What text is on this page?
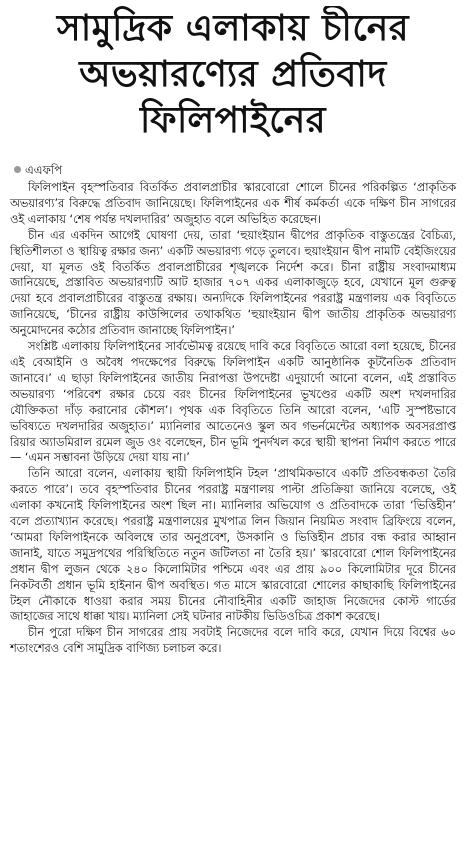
সামুদ্রিক এলাকায় চীনের
অভয়ারণ্যের প্রতিবাদ
ফিলিপাইনের
এএফপি

ফিলিপাইন বৃহস্পতিবার বিতর্কিত প্রবালপ্রাচীর স্কারবোরো শোলে চীনের পরিকল্পিত ‘প্রাকৃতিক অভয়ারণ্য’র বিরুদ্ধে প্রতিবাদ জানিয়েছে। ফিলিপাইনের এক শীর্ষ কর্মকর্তা একে দক্ষিণ চীন সাগরের ওই এলাকায় ‘শেষ পর্যন্ত দখলদারির’ অজুহাত বলে অভিহিত করেছেন।

চীন এর একদিন আগেই ঘোষণা দেয়, তারা ‘হুয়াংইয়ান দ্বীপের প্রাকৃতিক বাস্তুতন্ত্রের বৈচিত্র্য, স্থিতিশীলতা ও স্থায়িত্ব রক্ষার জন্য’ একটি অভয়ারণ্য গড়ে তুলবে। হুয়াংইয়ান দ্বীপ নামটি বেইজিংয়ের দেয়া, যা মূলত ওই বিতর্কিত প্রবালপ্রাচীরের শৃঙ্খলকে নির্দেশ করে। চীনা রাষ্ট্রীয় সংবাদমাধ্যম জানিয়েছে, প্রস্তাবিত অভয়ারণ্যটি আট হাজার ৭০৭ একর এলাকাজুড়ে হবে, যেখানে মূল গুরুত্ব দেয়া হবে প্রবালপ্রাচীরের বাস্তুতন্ত্র রক্ষায়। অন্যদিকে ফিলিপাইনের পররাষ্ট্র মন্ত্রণালয় এক বিবৃতিতে জানিয়েছে, ‘চীনের রাষ্ট্রীয় কাউন্সিলের তথাকথিত ‘হুয়াংইয়ান দ্বীপ জাতীয় প্রাকৃতিক অভয়ারণ্য অনুমোদনের কঠোর প্রতিবাদ জানাচ্ছে ফিলিপাইন।’

সংশ্লিষ্ট এলাকায় ফিলিপাইনের সার্বভৌমত্ব রয়েছে দাবি করে বিবৃতিতে আরো বলা হয়েছে, চীনের এই বেআইনি ও অবৈধ পদক্ষেপের বিরুদ্ধে ফিলিপাইন একটি আনুষ্ঠানিক কূটনৈতিক প্রতিবাদ জানাবে।’ এ ছাড়া ফিলিপাইনের জাতীয় নিরাপত্তা উপদেষ্টা এদুয়ার্দো আনো বলেন, এই প্রস্তাবিত অভয়ারণ্য ‘পরিবেশ রক্ষার চেয়ে বরং চীনের ফিলিপাইনের ভূখণ্ডের একটি অংশ দখলদারির যৌক্তিকতা দাঁড় করানোর কৌশল’। পৃথক এক বিবৃতিতে তিনি আরো বলেন, ‘এটি সুস্পষ্টভাবে ভবিষ্যতে দখলদারির অজুহাত।’ ম্যানিলার আতেনেও স্কুল অব গভর্নমেন্টের অধ্যাপক অবসরপ্রাপ্ত রিয়ার অ্যাডমিরাল রমেল জুড ওং বলেছেন, চীন ভূমি পুনর্দখল করে স্থায়ী স্থাপনা নির্মাণ করতে পারে— ‘এমন সম্ভাবনা উড়িয়ে দেয়া যায় না।’

তিনি আরো বলেন, এলাকায় স্থায়ী ফিলিপাইনি টহল ‘প্রাথমিকভাবে একটি প্রতিবন্ধকতা তৈরি করতে পারে’। তবে বৃহস্পতিবার চীনের পররাষ্ট্র মন্ত্রণালয় পাল্টা প্রতিক্রিয়া জানিয়ে বলেছে, ওই এলাকা কখনোই ফিলিপাইনের অংশ ছিল না। ম্যানিলার অভিযোগ ও প্রতিবাদকে তারা ‘ভিত্তিহীন’ বলে প্রত্যাখ্যান করেছে। পররাষ্ট্র মন্ত্রণালয়ের মুখপাত্র লিন জিয়ান নিয়মিত সংবাদ ব্রিফিংয়ে বলেন, ‘আমরা ফিলিপাইনকে অবিলম্বে তার অনুপ্রবেশ, উসকানি ও ভিত্তিহীন প্রচার বন্ধ করার আহ্বান জানাই, যাতে সমুদ্রপথের পরিস্থিতিতে নতুন জটিলতা না তৈরি হয়।’ স্কারবোরো শোল ফিলিপাইনের প্রধান দ্বীপ লুজন থেকে ২৪০ কিলোমিটার পশ্চিমে এবং এর প্রায় ৯০০ কিলোমিটার দূরে চীনের নিকটবর্তী প্রধান ভূমি হাইনান দ্বীপ অবস্থিত। গত মাসে স্কারবোরো শোলের কাছাকাছি ফিলিপাইনের টহল নৌকাকে ধাওয়া করার সময় চীনের নৌবাহিনীর একটি জাহাজ নিজেদের কোস্ট গার্ডের জাহাজের সাথে ধাক্কা খায়। ম্যানিলা সেই ঘটনার নাটকীয় ভিডিওচিত্র প্রকাশ করেছে।

চীন পুরো দক্ষিণ চীন সাগরের প্রায় সবটাই নিজেদের বলে দাবি করে, যেখান দিয়ে বিশ্বের ৬০ শতাংশেরও বেশি সামুদ্রিক বাণিজ্য চলাচল করে।
